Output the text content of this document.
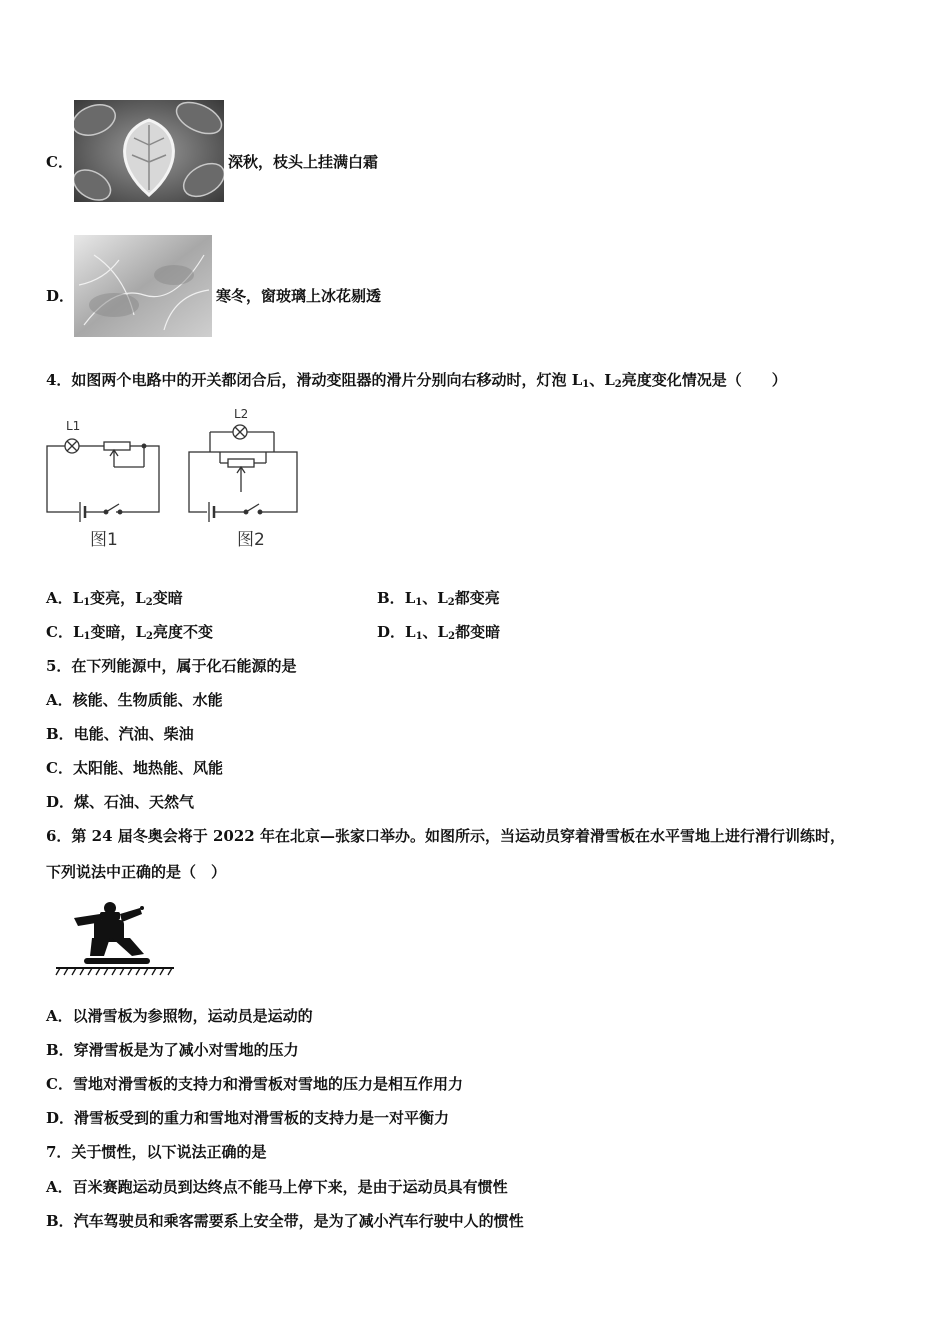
C．	深秋，枝头上挂满白霜
D．	寒冬，窗玻璃上冰花剔透
4．如图两个电路中的开关都闭合后，滑动变阻器的滑片分别向右移动时，灯泡 $L_1$、$L_2$亮度变化情况是（　　）
L1
L2
图1	图2
A．$L_1$变亮，$L_2$变暗	B．$L_1$、$L_2$都变亮
C．$L_1$变暗，$L_2$亮度不变	D．$L_1$、$L_2$都变暗
5．在下列能源中，属于化石能源的是
A．核能、生物质能、水能
B．电能、汽油、柴油
C．太阳能、地热能、风能
D．煤、石油、天然气
6．第 24 届冬奥会将于 2022 年在北京—张家口举办。如图所示，当运动员穿着滑雪板在水平雪地上进行滑行训练时，
下列说法中正确的是（　）
A．以滑雪板为参照物，运动员是运动的
B．穿滑雪板是为了减小对雪地的压力
C．雪地对滑雪板的支持力和滑雪板对雪地的压力是相互作用力
D．滑雪板受到的重力和雪地对滑雪板的支持力是一对平衡力
7．关于惯性，以下说法正确的是
A．百米赛跑运动员到达终点不能马上停下来，是由于运动员具有惯性
B．汽车驾驶员和乘客需要系上安全带，是为了减小汽车行驶中人的惯性
